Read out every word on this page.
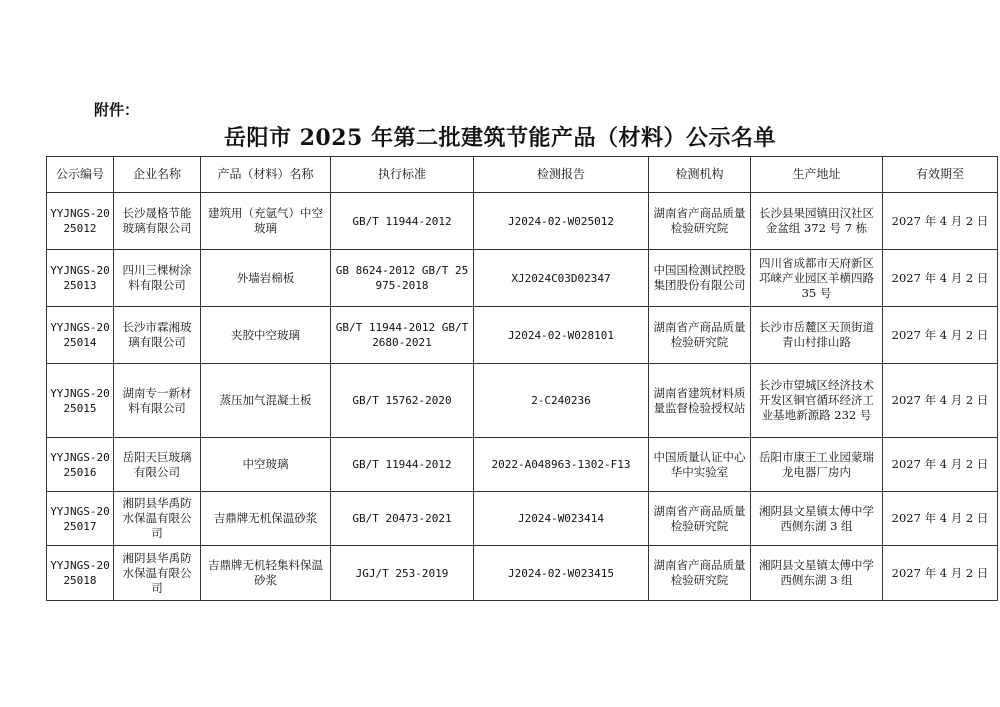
附件：
岳阳市 2025 年第二批建筑节能产品（材料）公示名单
公示编号	企业名称	产品（材料）名称	执行标准	检测报告	检测机构	生产地址	有效期至
YYJNGS-2025012	长沙晟格节能玻璃有限公司	建筑用（充氩气）中空玻璃	GB/T 11944-2012	J2024-02-W025012	湖南省产商品质量检验研究院	长沙县果园镇田汉社区金盆组 372 号 7 栋	2027 年 4 月 2 日
YYJNGS-2025013	四川三棵树涂料有限公司	外墙岩棉板	GB 8624-2012 GB/T 25975-2018	XJ2024C03D02347	中国国检测试控股集团股份有限公司	四川省成都市天府新区邛崃产业园区羊横四路 35 号	2027 年 4 月 2 日
YYJNGS-2025014	长沙市霖湘玻璃有限公司	夹胶中空玻璃	GB/T 11944-2012 GB/T 2680-2021	J2024-02-W028101	湖南省产商品质量检验研究院	长沙市岳麓区天顶街道青山村排山路	2027 年 4 月 2 日
YYJNGS-2025015	湖南专一新材料有限公司	蒸压加气混凝土板	GB/T 15762-2020	2-C240236	湖南省建筑材料质量监督检验授权站	长沙市望城区经济技术开发区铜官循环经济工业基地新源路 232 号	2027 年 4 月 2 日
YYJNGS-2025016	岳阳天巨玻璃有限公司	中空玻璃	GB/T 11944-2012	2022-A048963-1302-F13	中国质量认证中心华中实验室	岳阳市康王工业园蒙瑞龙电器厂房内	2027 年 4 月 2 日
YYJNGS-2025017	湘阴县华禹防水保温有限公司	吉鼎牌无机保温砂浆	GB/T 20473-2021	J2024-W023414	湖南省产商品质量检验研究院	湘阴县文星镇太傅中学西侧东湖 3 组	2027 年 4 月 2 日
YYJNGS-2025018	湘阴县华禹防水保温有限公司	吉鼎牌无机轻集料保温砂浆	JGJ/T 253-2019	J2024-02-W023415	湖南省产商品质量检验研究院	湘阴县文星镇太傅中学西侧东湖 3 组	2027 年 4 月 2 日
